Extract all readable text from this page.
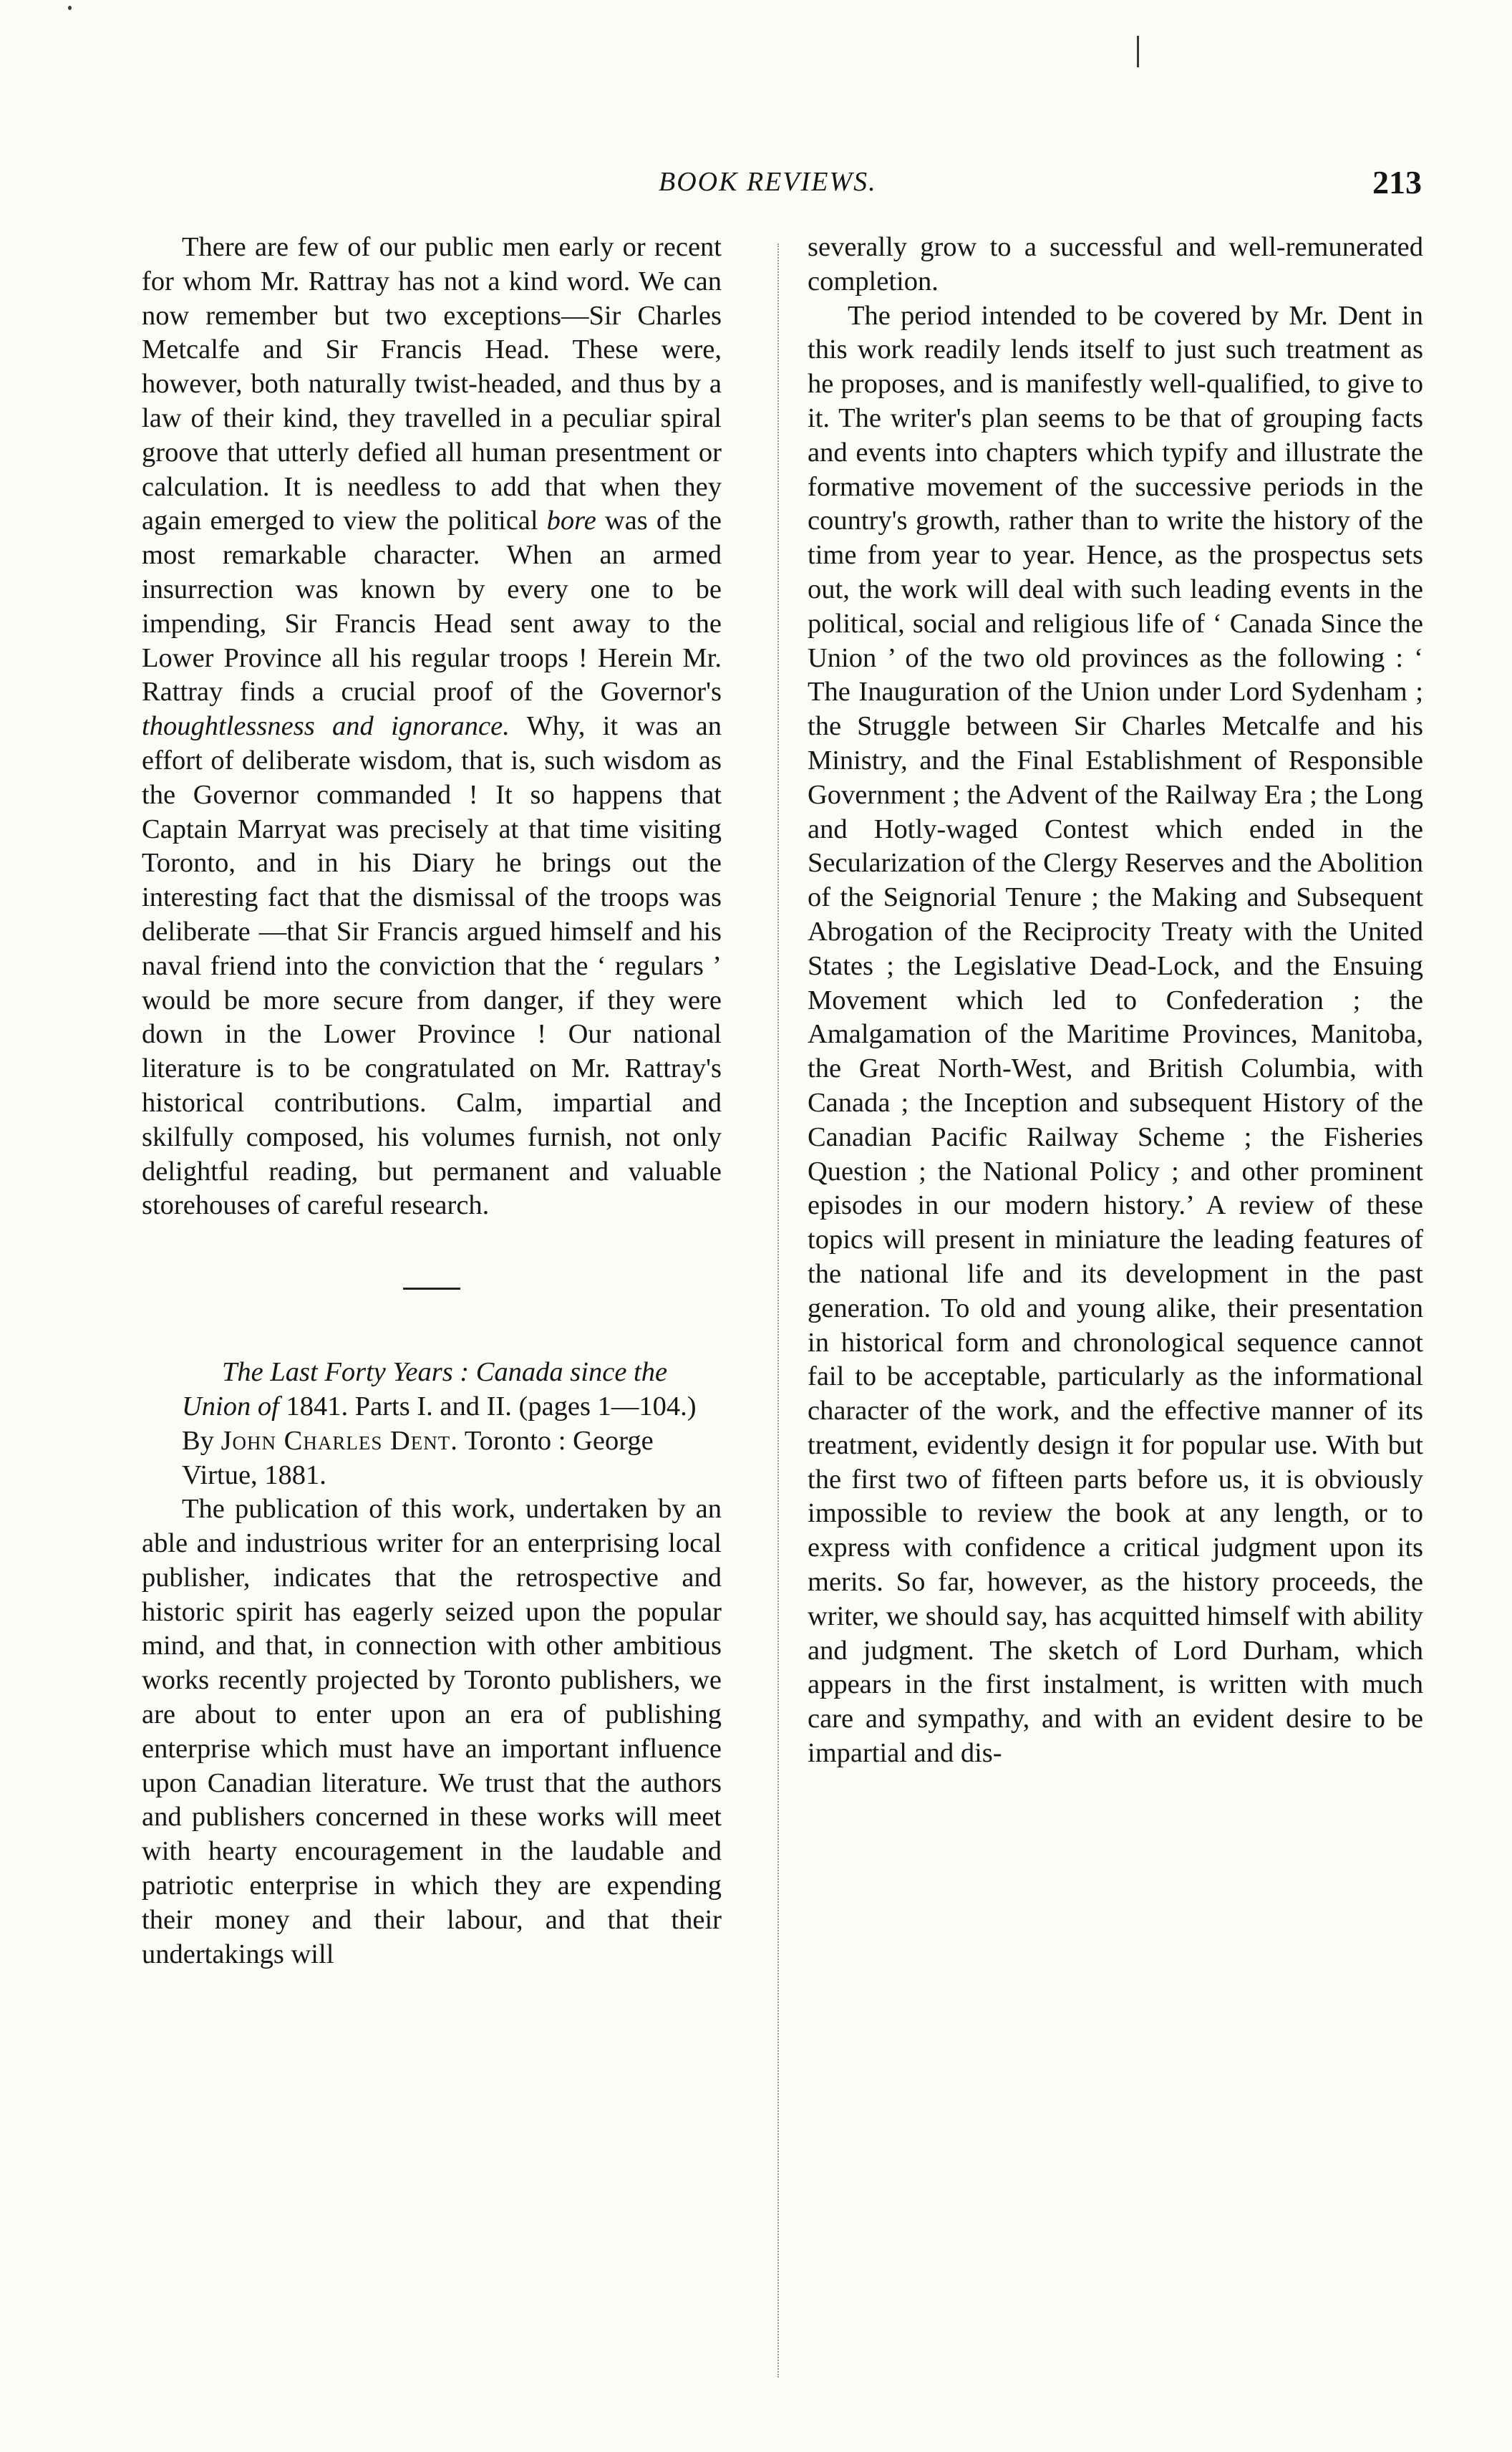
BOOK REVIEWS.	213

There are few of our public men early or recent for whom Mr. Rattray has not a kind word. We can now remember but two exceptions—Sir Charles Metcalfe and Sir Francis Head. These were, however, both naturally twist-headed, and thus by a law of their kind, they travelled in a peculiar spiral groove that utterly defied all human presentment or calculation. It is needless to add that when they again emerged to view the political bore was of the most remarkable character. When an armed insurrection was known by every one to be impending, Sir Francis Head sent away to the Lower Province all his regular troops ! Herein Mr. Rattray finds a crucial proof of the Governor's thoughtlessness and ignorance. Why, it was an effort of deliberate wisdom, that is, such wisdom as the Governor commanded ! It so happens that Captain Marryat was precisely at that time visiting Toronto, and in his Diary he brings out the interesting fact that the dismissal of the troops was deliberate —that Sir Francis argued himself and his naval friend into the conviction that the ‘ regulars ’ would be more secure from danger, if they were down in the Lower Province ! Our national literature is to be congratulated on Mr. Rattray's historical contributions. Calm, impartial and skilfully composed, his volumes furnish, not only delightful reading, but permanent and valuable storehouses of careful research.

The Last Forty Years : Canada since the Union of 1841. Parts I. and II. (pages 1—104.) By John Charles Dent. Toronto : George Virtue, 1881.

The publication of this work, undertaken by an able and industrious writer for an enterprising local publisher, indicates that the retrospective and historic spirit has eagerly seized upon the popular mind, and that, in connection with other ambitious works recently projected by Toronto publishers, we are about to enter upon an era of publishing enterprise which must have an important influence upon Canadian literature. We trust that the authors and publishers concerned in these works will meet with hearty encouragement in the laudable and patriotic enterprise in which they are expending their money and their labour, and that their undertakings will

severally grow to a successful and well-remunerated completion.

The period intended to be covered by Mr. Dent in this work readily lends itself to just such treatment as he proposes, and is manifestly well-qualified, to give to it. The writer's plan seems to be that of grouping facts and events into chapters which typify and illustrate the formative movement of the successive periods in the country's growth, rather than to write the history of the time from year to year. Hence, as the prospectus sets out, the work will deal with such leading events in the political, social and religious life of ‘ Canada Since the Union ’ of the two old provinces as the following : ‘ The Inauguration of the Union under Lord Sydenham ; the Struggle between Sir Charles Metcalfe and his Ministry, and the Final Establishment of Responsible Government ; the Advent of the Railway Era ; the Long and Hotly-waged Contest which ended in the Secularization of the Clergy Reserves and the Abolition of the Seignorial Tenure ; the Making and Subsequent Abrogation of the Reciprocity Treaty with the United States ; the Legislative Dead-Lock, and the Ensuing Movement which led to Confederation ; the Amalgamation of the Maritime Provinces, Manitoba, the Great North-West, and British Columbia, with Canada ; the Inception and subsequent History of the Canadian Pacific Railway Scheme ; the Fisheries Question ; the National Policy ; and other prominent episodes in our modern history.’ A review of these topics will present in miniature the leading features of the national life and its development in the past generation. To old and young alike, their presentation in historical form and chronological sequence cannot fail to be acceptable, particularly as the informational character of the work, and the effective manner of its treatment, evidently design it for popular use. With but the first two of fifteen parts before us, it is obviously impossible to review the book at any length, or to express with confidence a critical judgment upon its merits. So far, however, as the history proceeds, the writer, we should say, has acquitted himself with ability and judgment. The sketch of Lord Durham, which appears in the first instalment, is written with much care and sympathy, and with an evident desire to be impartial and dis-
